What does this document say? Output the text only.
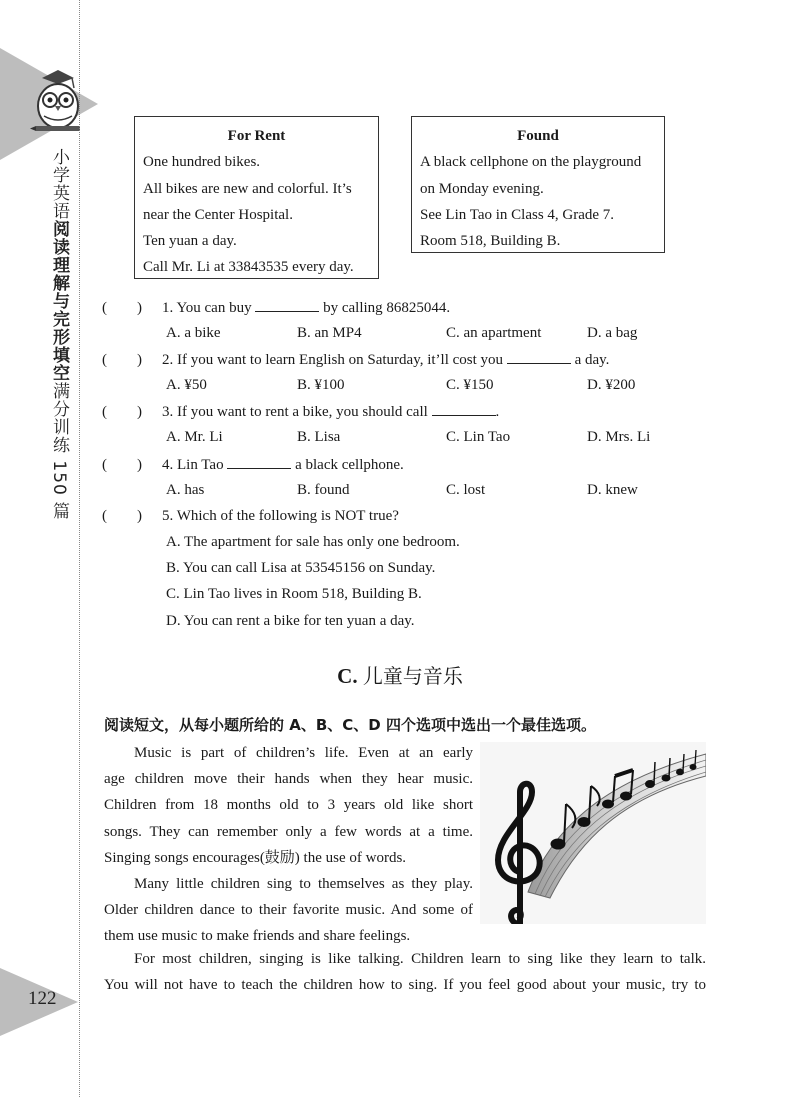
小学英语阅读理解与完形填空满分训练 150 篇
122
For Rent
One hundred bikes.
All bikes are new and colorful. It’s
near the Center Hospital.
Ten yuan a day.
Call Mr. Li at 33843535 every day.
Found
A black cellphone on the playground
on Monday evening.
See Lin Tao in Class 4, Grade 7.
Room 518, Building B.
( ) 1. You can buy	by calling 86825044.
A. a bike	B. an MP4	C. an apartment	D. a bag
( ) 2. If you want to learn English on Saturday, it’ll cost you	a day.
A. ¥50	B. ¥100	C. ¥150	D. ¥200
( ) 3. If you want to rent a bike, you should call	.
A. Mr. Li	B. Lisa	C. Lin Tao	D. Mrs. Li
( ) 4. Lin Tao	a black cellphone.
A. has	B. found	C. lost	D. knew
( ) 5. Which of the following is NOT true?
A. The apartment for sale has only one bedroom.
B. You can call Lisa at 53545156 on Sunday.
C. Lin Tao lives in Room 518, Building B.
D. You can rent a bike for ten yuan a day.
C. 儿童与音乐
阅读短文，从每小题所给的 A、B、C、D 四个选项中选出一个最佳选项。
Music is part of children’s life. Even at an early
age children move their hands when they hear music.
Children from 18 months old to 3 years old like short
songs. They can remember only a few words at a time.
Singing songs encourages(鼓励) the use of words.
Many little children sing to themselves as they play.
Older children dance to their favorite music. And some of
them use music to make friends and share feelings.
For most children, singing is like talking. Children learn to sing like they learn to talk.
You will not have to teach the children how to sing. If you feel good about your music, try to
